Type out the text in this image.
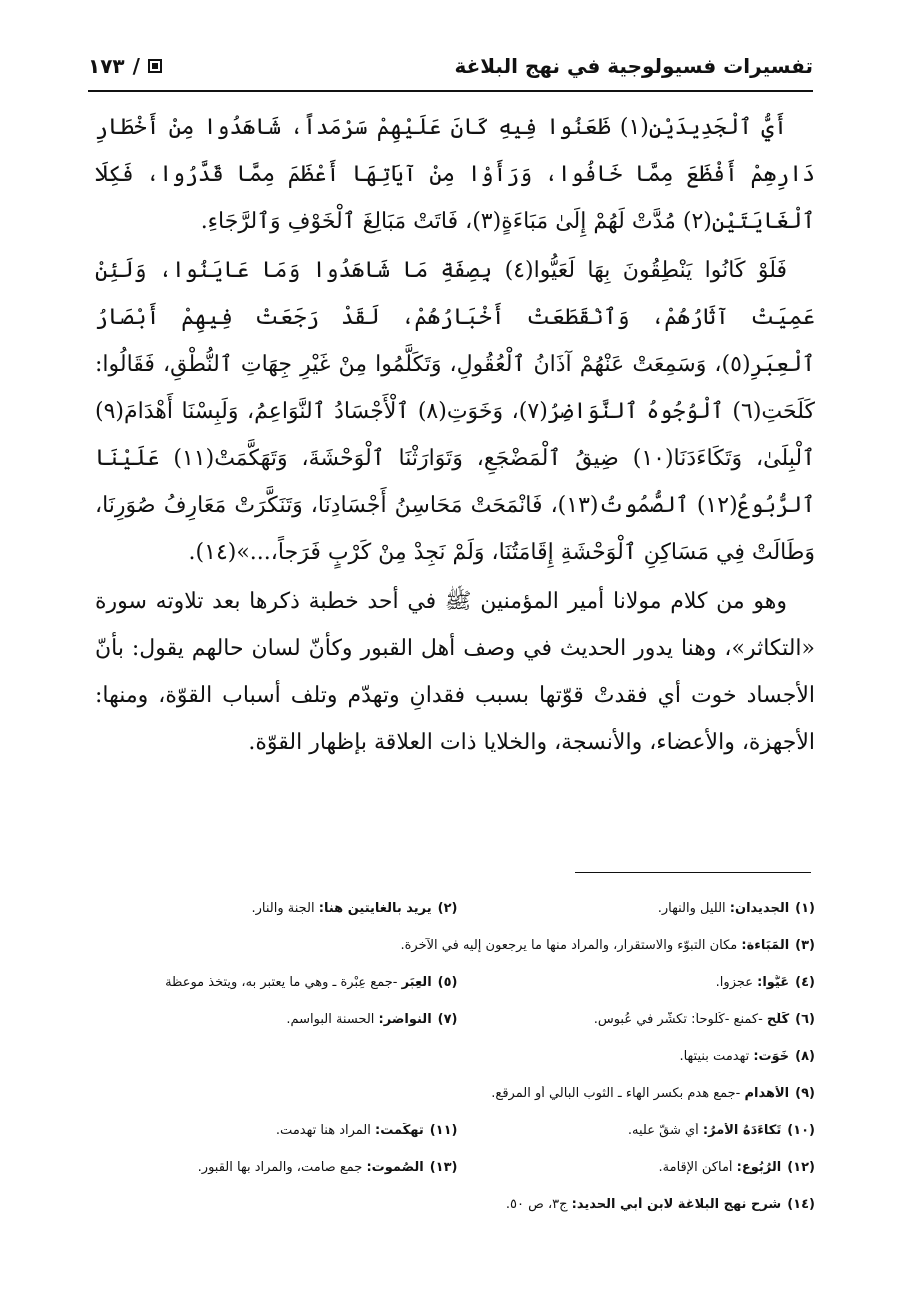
تفسيرات فسيولوجية في نهج البلاغة
١٧٣ /

أَيُّ ٱلْجَدِيدَيْنِ(١) ظَعَنُوا فِيهِ كَانَ عَلَيْهِمْ سَرْمَداً، شَاهَدُوا مِنْ أَخْطَارِ دَارِهِمْ أَفْظَعَ مِمَّا خَافُوا، وَرَأَوْا مِنْ آيَاتِهَا أَعْظَمَ مِمَّا قَدَّرُوا، فَكِلَا ٱلْغَايَتَيْنِ(٢) مُدَّتْ لَهُمْ إِلَىٰ مَبَاءَةٍ(٣)، فَاتَتْ مَبَالِغَ ٱلْخَوْفِ وَٱلرَّجَاءِ.

فَلَوْ كَانُوا يَنْطِقُونَ بِهَا لَعَيُّوا(٤) بِصِفَةِ مَا شَاهَدُوا وَمَا عَايَنُوا، وَلَئِنْ عَمِيَتْ آثَارُهُمْ، وَٱنْقَطَعَتْ أَخْبَارُهُمْ، لَقَدْ رَجَعَتْ فِيهِمْ أَبْصَارُ ٱلْعِبَرِ(٥)، وَسَمِعَتْ عَنْهُمْ آذَانُ ٱلْعُقُولِ، وَتَكَلَّمُوا مِنْ غَيْرِ جِهَاتِ ٱلنُّطْقِ، فَقَالُوا: كَلَحَتِ(٦) ٱلْوُجُوهُ ٱلنَّوَاضِرُ(٧)، وَخَوَتِ(٨) ٱلْأَجْسَادُ ٱلنَّوَاعِمُ، وَلَبِسْنَا أَهْدَامَ(٩) ٱلْبِلَىٰ، وَتَكَاءَدَنَا(١٠) ضِيقُ ٱلْمَضْجَعِ، وَتَوَارَثْنَا ٱلْوَحْشَةَ، وَتَهَكَّمَتْ(١١) عَلَيْنَا ٱلرُّبُوعُ(١٢) ٱلصُّمُوتُ(١٣)، فَانْمَحَتْ مَحَاسِنُ أَجْسَادِنَا، وَتَنَكَّرَتْ مَعَارِفُ صُوَرِنَا، وَطَالَتْ فِي مَسَاكِنِ ٱلْوَحْشَةِ إِقَامَتُنَا، وَلَمْ نَجِدْ مِنْ كَرْبٍ فَرَجاً،...»(١٤).

وهو من كلام مولانا أمير المؤمنين ﷺ في أحد خطبة ذكرها بعد تلاوته سورة «التكاثر»، وهنا يدور الحديث في وصف أهل القبور وكأنّ لسان حالهم يقول: بأنّ الأجساد خوت أي فقدتْ قوّتها بسبب فقدانِ وتهدّم وتلف أسباب القوّة، ومنها: الأجهزة، والأعضاء، والأنسجة، والخلايا ذات العلاقة بإظهار القوّة.

(١)الجديدان: الليل والنهار.
(٢)يريد بالغايتين هنا: الجنة والنار.
(٣)المَبَاءة: مكان التبوّء والاستقرار، والمراد منها ما يرجعون إليه في الآخرة.
(٤)عَيُّوا: عجزوا.
(٥)العِبَر -جمع عِبْرة ـ وهي ما يعتبر به، ويتخذ موعظة
(٦)كَلَح -كمنع -كُلُوحاً: تكشّر في عُبوس.
(٧)النواضر: الحسنة البواسم.
(٨)خَوَت: تهدمت بنيتها.
(٩)الأهدام -جمع هدم بكسر الهاء ـ الثوب البالي أو المرقع.
(١٠)تَكاءَدَهُ الأمرُ: أي شقّ عليه.
(١١)تهكّمت: المراد هنا تهدمت.
(١٢)الرُبُوع: أماكن الإقامة.
(١٣)الصُموت: جمع صامت، والمراد بها القبور.
(١٤)شرح نهج البلاغة لابن أبي الحديد: ج٣، ص ٥٠.
